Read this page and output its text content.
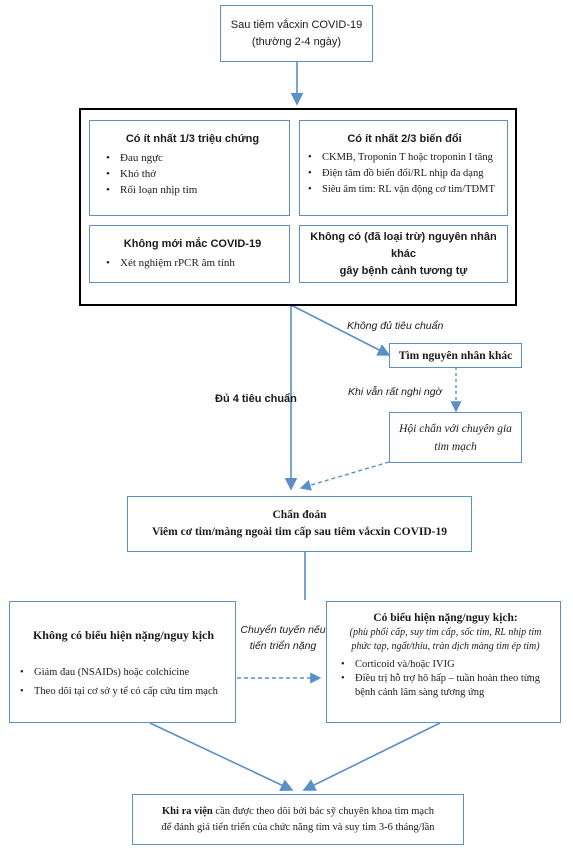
Sau tiêm vắcxin COVID-19
(thường 2-4 ngày)
Có ít nhất 1/3 triệu chứng
• Đau ngực
• Khó thở
• Rối loạn nhịp tim
Có ít nhất 2/3 biến đổi
• CKMB, Troponin T hoặc troponin I tăng
• Điện tâm đồ biến đổi/RL nhịp đa dạng
• Siêu âm tim: RL vận động cơ tim/TDMT
Không mới mắc COVID-19
• Xét nghiệm rPCR âm tính
Không có (đã loại trừ) nguyên nhân khác
gây bệnh cảnh tương tự
Không đủ tiêu chuẩn
Đủ 4 tiêu chuẩn
Khi vẫn rất nghi ngờ
Chuyển tuyến nếu
tiến triển nặng
Tìm nguyên nhân khác
Hội chẩn với chuyên gia
tim mạch
Chẩn đoán
Viêm cơ tim/màng ngoài tim cấp sau tiêm vắcxin COVID-19
Không có biểu hiện nặng/nguy kịch
• Giảm đau (NSAIDs) hoặc colchicine
• Theo dõi tại cơ sở y tế có cấp cứu tim mạch
Có biểu hiện nặng/nguy kịch:
(phù phổi cấp, suy tim cấp, sốc tim, RL nhịp tim phức tạp, ngất/thỉu, tràn dịch màng tim ép tim)
• Corticoid và/hoặc IVIG
• Điều trị hỗ trợ hô hấp – tuần hoàn theo từng bệnh cảnh lâm sàng tương ứng
Khi ra viện cần được theo dõi bởi bác sỹ chuyên khoa tim mạch
để đánh giá tiến triển của chức năng tim và suy tim 3-6 tháng/lần
